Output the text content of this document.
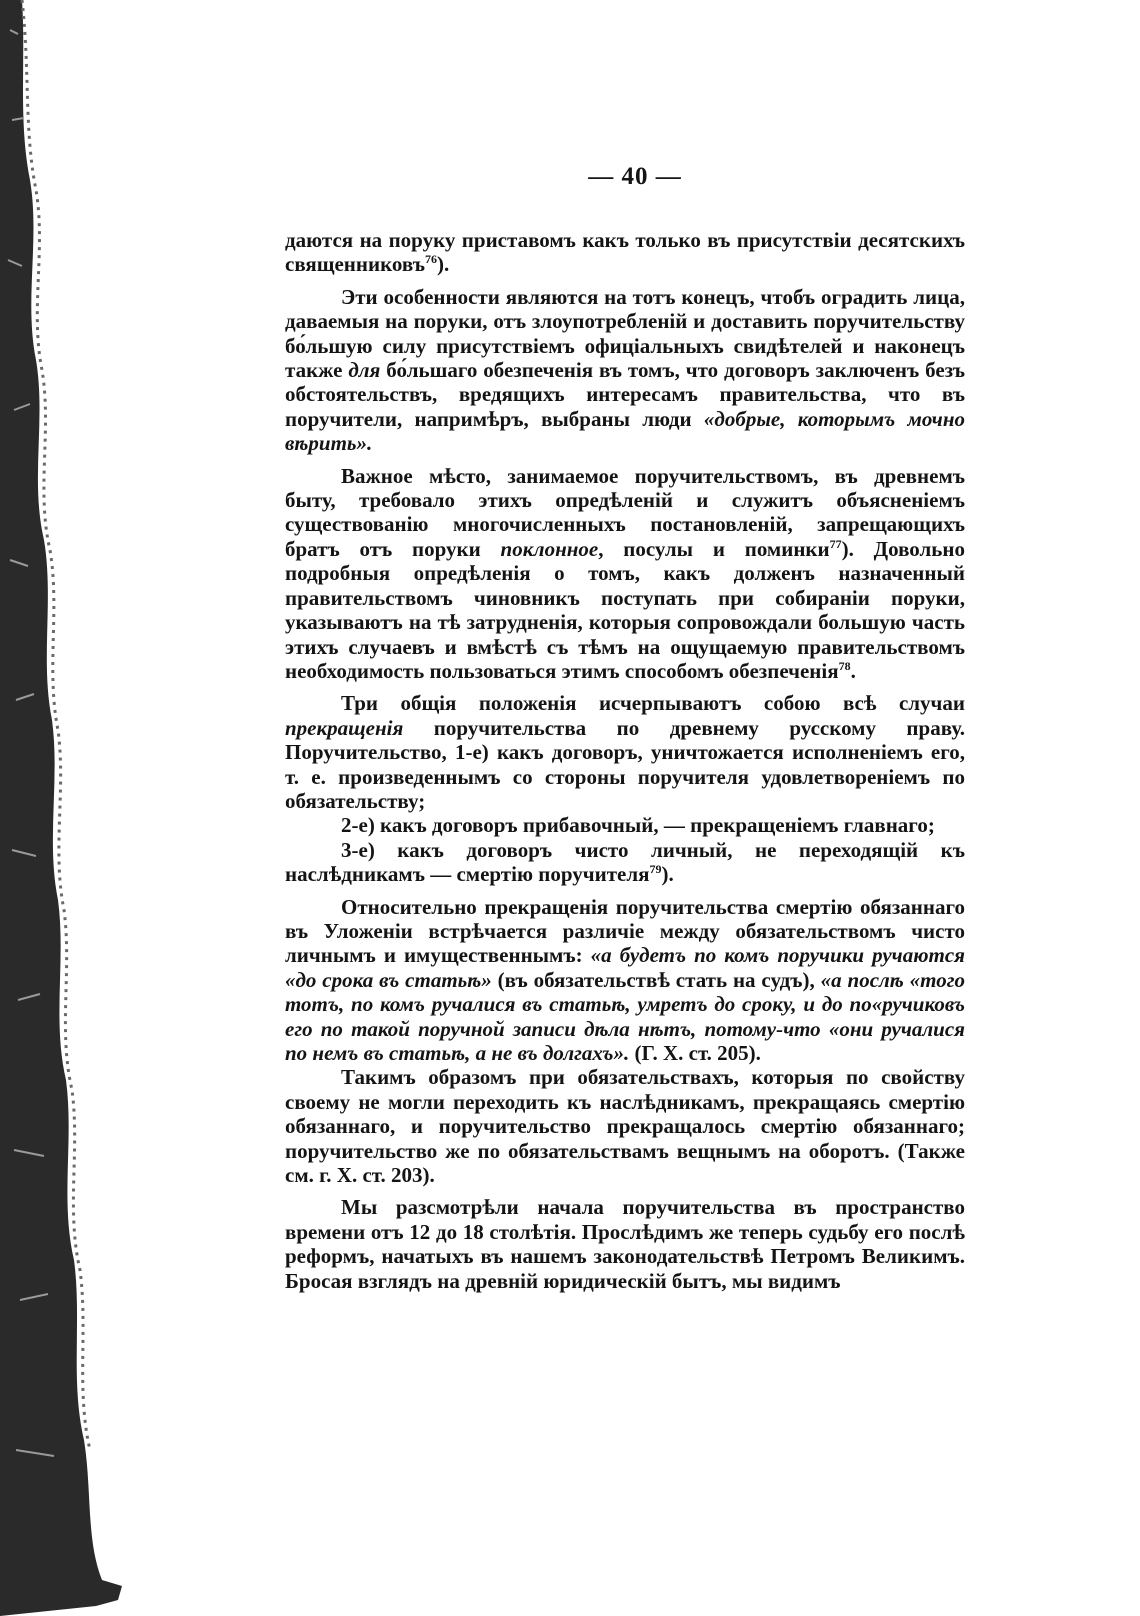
— 40 —

даются на поруку приставомъ какъ только въ присутствіи десятскихъ священниковъ$^{76}$).

Эти особенности являются на тотъ конецъ, чтобъ оградить лица, даваемыя на поруки, отъ злоупотребленій и доставить поручительству бо́льшую силу присутствіемъ офиціальныхъ свидѣтелей и наконецъ также для бо́льшаго обезпеченія въ томъ, что договоръ заключенъ безъ обстоятельствъ, вредящихъ интересамъ правительства, что въ поручители, напримѣръ, выбраны люди «добрые, которымъ мочно вѣрить».

Важное мѣсто, занимаемое поручительствомъ, въ древнемъ быту, требовало этихъ опредѣленій и служитъ объясненіемъ существованію многочисленныхъ постановленій, запрещающихъ братъ отъ поруки поклонное, посулы и поминки$^{77}$). Довольно подробныя опредѣленія о томъ, какъ долженъ назначенный правительствомъ чиновникъ поступать при собираніи поруки, указываютъ на тѣ затрудненія, которыя сопровождали большую часть этихъ случаевъ и вмѣстѣ съ тѣмъ на ощущаемую правительствомъ необходимость пользоваться этимъ способомъ обезпеченія$^{78}$.

Три общія положенія исчерпываютъ собою всѣ случаи прекращенія поручительства по древнему русскому праву. Поручительство, 1-е) какъ договоръ, уничтожается исполненіемъ его, т. е. произведеннымъ со стороны поручителя удовлетвореніемъ по обязательству;

2-е) какъ договоръ прибавочный, — прекращеніемъ главнаго;

3-е) какъ договоръ чисто личный, не переходящій къ наслѣдникамъ — смертію поручителя$^{79}$).

Относительно прекращенія поручительства смертію обязаннаго въ Уложеніи встрѣчается различіе между обязательствомъ чисто личнымъ и имущественнымъ: «а будетъ по комъ поручики ручаются «до срока въ статьѣ» (въ обязательствѣ стать на судъ), «а послѣ «того тотъ, по комъ ручалися въ статьѣ, умретъ до сроку, и до по«ручиковъ его по такой поручной записи дѣла нѣтъ, потому-что «они ручалися по немъ въ статьѣ, а не въ долгахъ». (Г. X. ст. 205).

Такимъ образомъ при обязательствахъ, которыя по свойству своему не могли переходить къ наслѣдникамъ, прекращаясь смертію обязаннаго, и поручительство прекращалось смертію обязаннаго; поручительство же по обязательствамъ вещнымъ на оборотъ. (Также см. г. X. ст. 203).

Мы разсмотрѣли начала поручительства въ пространство времени отъ 12 до 18 столѣтія. Прослѣдимъ же теперь судьбу его послѣ реформъ, начатыхъ въ нашемъ законодательствѣ Петромъ Великимъ. Бросая взглядъ на древній юридическій бытъ, мы видимъ
